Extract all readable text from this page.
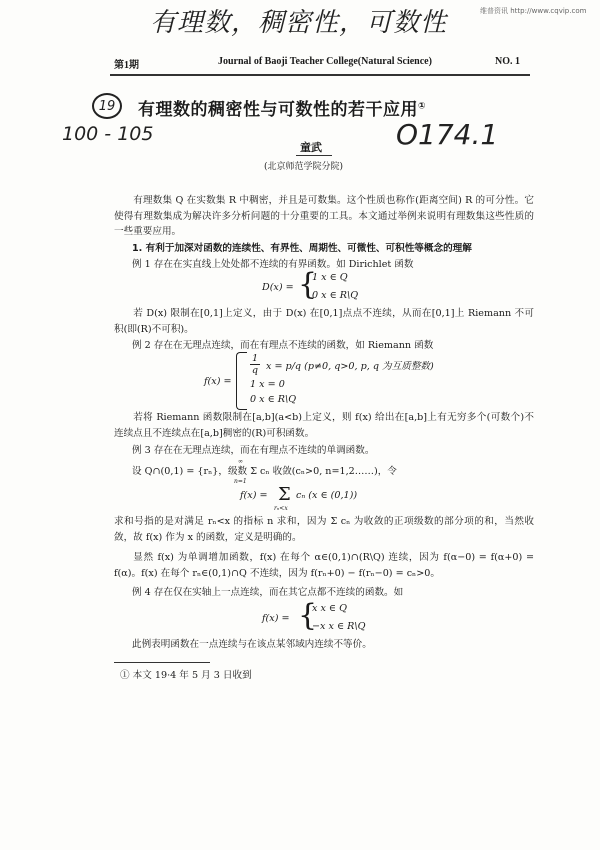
有理数，稠密性，可数性	维普资讯 http://www.cqvip.com
第1期	Journal of Baoji Teacher College(Natural Science)	NO. 1
19	有理数的稠密性与可数性的若干应用①
100 - 105	O174.1
童武
(北京师范学院分院)
有理数集 Q 在实数集 R 中稠密，并且是可数集。这个性质也称作(距离空间) R 的可分性。它使得有理数集成为解决许多分析问题的十分重要的工具。本文通过举例来说明有理数集这些性质的一些重要应用。
1. 有利于加深对函数的连续性、有界性、周期性、可微性、可积性等概念的理解
例 1 存在在实直线上处处都不连续的有界函数。如 Dirichlet 函数
D(x) = {
1 x ∈ Q
0 x ∈ R\Q
若 D(x) 限制在[0,1]上定义，由于 D(x) 在[0,1]点点不连续，从而在[0,1]上 Riemann 不可积(即(R)不可积)。
例 2 存在在无理点连续，而在有理点不连续的函数，如 Riemann 函数
f(x) =
$\frac{1}{q}$ x = p/q (p≠0, q>0, p, q 为互质整数)
1 x = 0
0 x ∈ R\Q
若将 Riemann 函数限制在[a,b](a<b)上定义，则 f(x) 给出在[a,b]上有无穷多个(可数个)不连续点且不连续点在[a,b]稠密的(R)可积函数。
例 3 存在在无理点连续，而在有理点不连续的单调函数。
设 Q∩(0,1) = {rₙ}，级数 Σ cₙ 收敛(cₙ>0, n=1,2……)，令
∞
n=1
f(x) = Σ
rₙ<x
cₙ (x ∈ (0,1))
求和号指的是对满足 rₙ<x 的指标 n 求和，因为 Σ cₙ 为收敛的正项级数的部分项的和，当然收敛，故 f(x) 作为 x 的函数，定义是明确的。
显然 f(x) 为单调增加函数，f(x) 在每个 α∈(0,1)∩(R\Q) 连续，因为 f(α−0) = f(α+0) = f(α)。f(x) 在每个 rₙ∈(0,1)∩Q 不连续，因为 f(rₙ+0) − f(rₙ−0) = cₙ>0。
例 4 存在仅在实轴上一点连续，而在其它点都不连续的函数。如
f(x) = {
x x ∈ Q
−x x ∈ R\Q
此例表明函数在一点连续与在该点某邻域内连续不等价。
① 本文 19·4 年 5 月 3 日收到
